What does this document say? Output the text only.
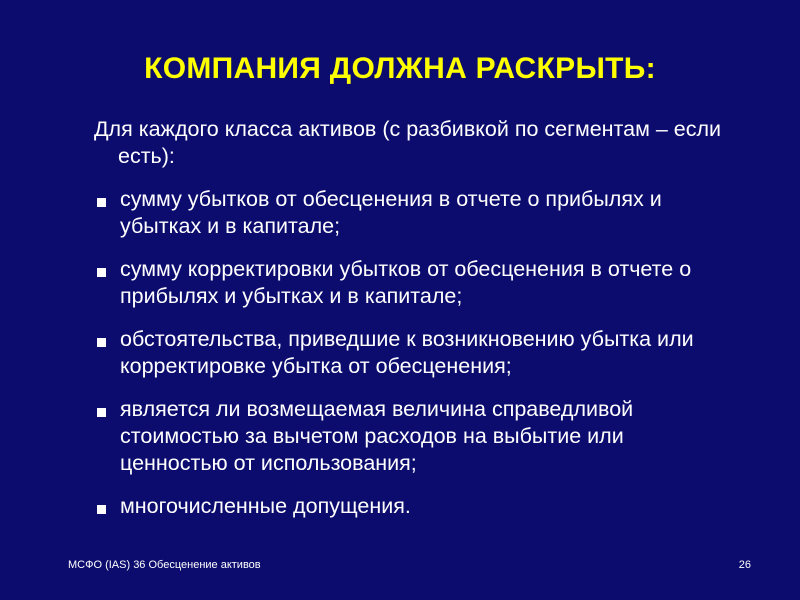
КОМПАНИЯ ДОЛЖНА РАСКРЫТЬ:
Для каждого класса активов (с разбивкой по сегментам – если есть):
сумму убытков от обесценения в отчете о прибылях и убытках и в капитале;
сумму корректировки убытков от обесценения в отчете о прибылях и убытках и в капитале;
обстоятельства, приведшие к возникновению убытка или корректировке убытка от обесценения;
является ли возмещаемая величина справедливой стоимостью за вычетом расходов на выбытие или ценностью от использования;
многочисленные допущения.
МСФО (IAS) 36 Обесценение активов	26
